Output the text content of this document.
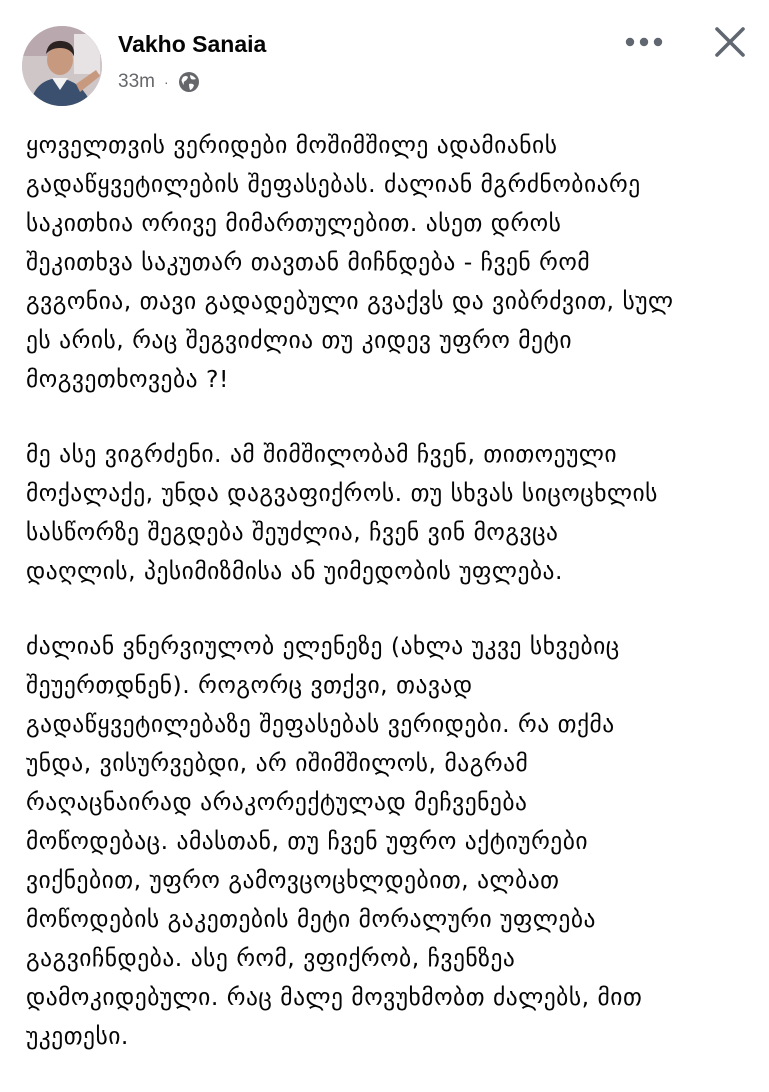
Vakho Sanaia
33m ·
ყოველთვის ვერიდები მოშიმშილე ადამიანის
გადაწყვეტილების შეფასებას. ძალიან მგრძნობიარე
საკითხია ორივე მიმართულებით. ასეთ დროს
შეკითხვა საკუთარ თავთან მიჩნდება - ჩვენ რომ
გვგონია, თავი გადადებული გვაქვს და ვიბრძვით, სულ
ეს არის, რაც შეგვიძლია თუ კიდევ უფრო მეტი
მოგვეთხოვება ?!
მე ასე ვიგრძენი. ამ შიმშილობამ ჩვენ, თითოეული
მოქალაქე, უნდა დაგვაფიქროს. თუ სხვას სიცოცხლის
სასწორზე შეგდება შეუძლია, ჩვენ ვინ მოგვცა
დაღლის, პესიმიზმისა ან უიმედობის უფლება.
ძალიან ვნერვიულობ ელენეზე (ახლა უკვე სხვებიც
შეუერთდნენ). როგორც ვთქვი, თავად
გადაწყვეტილებაზე შეფასებას ვერიდები. რა თქმა
უნდა, ვისურვებდი, არ იშიმშილოს, მაგრამ
რაღაცნაირად არაკორექტულად მეჩვენება
მოწოდებაც. ამასთან, თუ ჩვენ უფრო აქტიურები
ვიქნებით, უფრო გამოვცოცხლდებით, ალბათ
მოწოდების გაკეთების მეტი მორალური უფლება
გაგვიჩნდება. ასე რომ, ვფიქრობ, ჩვენზეა
დამოკიდებული. რაც მალე მოვუხმობთ ძალებს, მით
უკეთესი.
